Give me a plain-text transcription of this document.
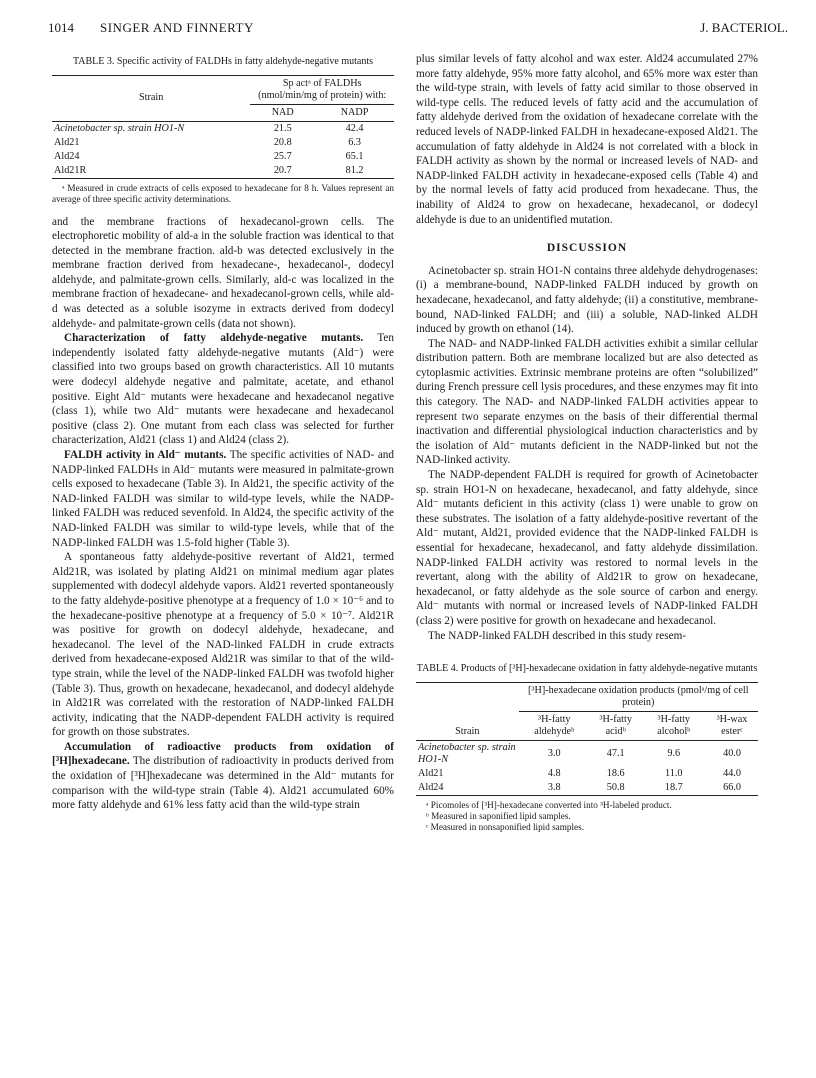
1014 SINGER AND FINNERTY	J. BACTERIOL.

TABLE 3. Specific activity of FALDHs in fatty aldehyde-negative mutants

Strain	Sp actᵃ of FALDHs (nmol/min/mg of protein) with:	
	NAD	NADP
Acinetobacter sp. strain HO1-N	21.5	42.4
Ald21	20.8	6.3
Ald24	25.7	65.1
Ald21R	20.7	81.2
ᵃ Measured in crude extracts of cells exposed to hexadecane for 8 h. Values represent an average of three specific activity determinations.

and the membrane fractions of hexadecanol-grown cells. The electrophoretic mobility of ald-a in the soluble fraction was identical to that detected in the membrane fraction. ald-b was detected exclusively in the membrane fraction derived from hexadecane-, hexadecanol-, dodecyl aldehyde, and palmitate-grown cells. Similarly, ald-c was localized in the membrane fraction of hexadecane- and hexadecanol-grown cells, while ald-d was detected as a soluble isozyme in extracts derived from dodecyl aldehyde- and palmitate-grown cells (data not shown).

Characterization of fatty aldehyde-negative mutants. Ten independently isolated fatty aldehyde-negative mutants (Ald⁻) were classified into two groups based on growth characteristics. All 10 mutants were dodecyl aldehyde negative and palmitate, acetate, and ethanol positive. Eight Ald⁻ mutants were hexadecane and hexadecanol negative (class 1), while two Ald⁻ mutants were hexadecane and hexadecanol positive (class 2). One mutant from each class was selected for further characterization, Ald21 (class 1) and Ald24 (class 2).

FALDH activity in Ald⁻ mutants. The specific activities of NAD- and NADP-linked FALDHs in Ald⁻ mutants were measured in palmitate-grown cells exposed to hexadecane (Table 3). In Ald21, the specific activity of the NAD-linked FALDH was similar to wild-type levels, while the NADP-linked FALDH was reduced sevenfold. In Ald24, the specific activity of the NAD-linked FALDH was similar to wild-type levels, while that of the NADP-linked FALDH was 1.5-fold higher (Table 3).

A spontaneous fatty aldehyde-positive revertant of Ald21, termed Ald21R, was isolated by plating Ald21 on minimal medium agar plates supplemented with dodecyl aldehyde vapors. Ald21 reverted spontaneously to the fatty aldehyde-positive phenotype at a frequency of 1.0 × 10⁻⁶ and to the hexadecane-positive phenotype at a frequency of 5.0 × 10⁻⁷. Ald21R was positive for growth on dodecyl aldehyde, hexadecane, and hexadecanol. The level of the NAD-linked FALDH in crude extracts derived from hexadecane-exposed Ald21R was similar to that of the wild-type strain, while the level of the NADP-linked FALDH was twofold higher (Table 3). Thus, growth on hexadecane, hexadecanol, and dodecyl aldehyde in Ald21R was correlated with the restoration of NADP-linked FALDH activity, indicating that the NADP-dependent FALDH activity is required for growth on those substrates.

Accumulation of radioactive products from oxidation of [³H]hexadecane. The distribution of radioactivity in products derived from the oxidation of [³H]hexadecane was determined in the Ald⁻ mutants for comparison with the wild-type strain (Table 4). Ald21 accumulated 60% more fatty aldehyde and 61% less fatty acid than the wild-type strain

plus similar levels of fatty alcohol and wax ester. Ald24 accumulated 27% more fatty aldehyde, 95% more fatty alcohol, and 65% more wax ester than the wild-type strain, with levels of fatty acid similar to those observed in wild-type cells. The reduced levels of fatty acid and the accumulation of fatty aldehyde derived from the oxidation of hexadecane correlate with the reduced levels of NADP-linked FALDH in hexadecane-exposed Ald21. The accumulation of fatty aldehyde in Ald24 is not correlated with a block in FALDH activity as shown by the normal or increased levels of NAD- and NADP-linked FALDH activity in hexadecane-exposed cells (Table 4) and by the normal levels of fatty acid produced from hexadecane. Thus, the inability of Ald24 to grow on hexadecane, hexadecanol, or dodecyl aldehyde is due to an unidentified mutation.

DISCUSSION

Acinetobacter sp. strain HO1-N contains three aldehyde dehydrogenases: (i) a membrane-bound, NADP-linked FALDH induced by growth on hexadecane, hexadecanol, and fatty aldehyde; (ii) a constitutive, membrane-bound, NAD-linked FALDH; and (iii) a soluble, NAD-linked ALDH induced by growth on ethanol (14).

The NAD- and NADP-linked FALDH activities exhibit a similar cellular distribution pattern. Both are membrane localized but are also detected as cytoplasmic activities. Extrinsic membrane proteins are often “solubilized” during French pressure cell lysis procedures, and these enzymes may fit into this category. The NAD- and NADP-linked FALDH activities appear to represent two separate enzymes on the basis of their differential thermal inactivation and differential physiological induction characteristics and by the isolation of Ald⁻ mutants deficient in the NADP-linked but not the NAD-linked activity.

The NADP-dependent FALDH is required for growth of Acinetobacter sp. strain HO1-N on hexadecane, hexadecanol, and fatty aldehyde, since Ald⁻ mutants deficient in this activity (class 1) were unable to grow on these substrates. The isolation of a fatty aldehyde-positive revertant of the Ald⁻ mutant, Ald21, provided evidence that the NADP-linked FALDH is essential for hexadecane, hexadecanol, and fatty aldehyde dissimilation. NADP-linked FALDH activity was restored to normal levels in the revertant, along with the ability of Ald21R to grow on hexadecane, hexadecanol, or fatty aldehyde as the sole source of carbon and energy. Ald⁻ mutants with normal or increased levels of NADP-linked FALDH (class 2) were positive for growth on hexadecane and hexadecanol.

The NADP-linked FALDH described in this study resem-

TABLE 4. Products of [³H]-hexadecane oxidation in fatty aldehyde-negative mutants

Strain	[³H]-hexadecane oxidation products (pmolᵃ/mg of cell protein)			
	³H-fatty aldehydeᵇ	³H-fatty acidᵇ	³H-fatty alcoholᵇ	³H-wax esterᶜ
Acinetobacter sp. strain HO1-N	3.0	47.1	9.6	40.0
Ald21	4.8	18.6	11.0	44.0
Ald24	3.8	50.8	18.7	66.0
ᵃ Picomoles of [³H]-hexadecane converted into ³H-labeled product.
ᵇ Measured in saponified lipid samples.
ᶜ Measured in nonsaponified lipid samples.
